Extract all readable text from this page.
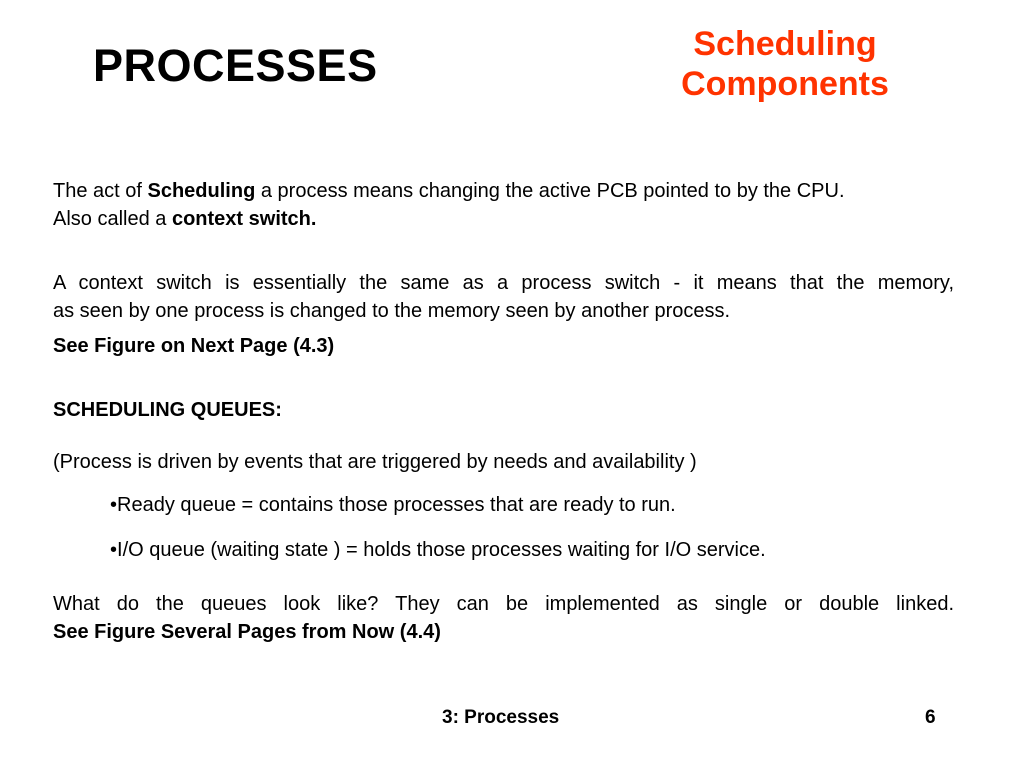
PROCESSES	Scheduling
Components
The act of Scheduling a process means changing the active PCB pointed to by the CPU.
Also called a context switch.
A context switch is essentially the same as a process switch - it means that the memory,
as seen by one process is changed to the memory seen by another process.
See Figure on Next Page (4.3)
SCHEDULING QUEUES:
(Process is driven by events that are triggered by needs and availability )
•Ready queue = contains those processes that are ready to run.
•I/O queue (waiting state ) = holds those processes waiting for I/O service.
What do the queues look like? They can be implemented as single or double linked.
See Figure Several Pages from Now (4.4)
3: Processes	6
